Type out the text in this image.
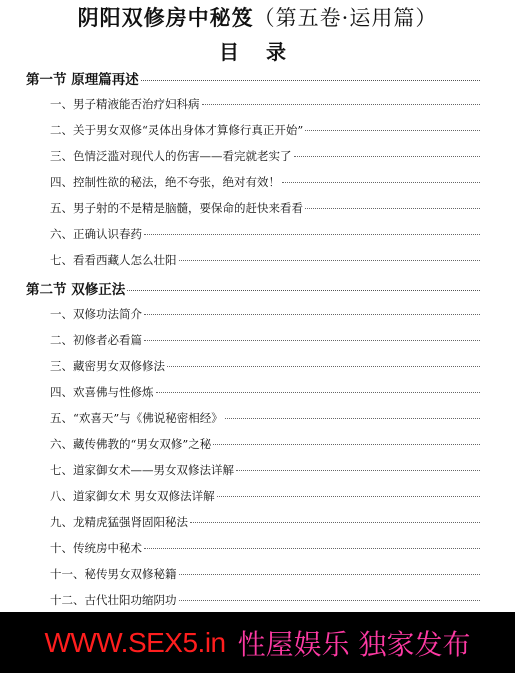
阴阳双修房中秘笈（第五卷·运用篇）
目 录
第一节 原理篇再述
一、男子精液能否治疗妇科病
二、关于男女双修“灵体出身体才算修行真正开始”
三、色情泛滥对现代人的伤害——看完就老实了
四、控制性欲的秘法，绝不夸张，绝对有效！
五、男子射的不是精是脑髓，要保命的赶快来看看
六、正确认识春药
七、看看西藏人怎么壮阳
第二节 双修正法
一、双修功法简介
二、初修者必看篇
三、藏密男女双修修法
四、欢喜佛与性修炼
五、“欢喜天”与《佛说秘密相经》
六、藏传佛教的“男女双修”之秘
七、道家御女术——男女双修法详解
八、道家御女术 男女双修法详解
九、龙精虎猛强肾固阳秘法
十、传统房中秘术
十一、秘传男女双修秘籍
十二、古代壮阳功缩阴功
WWW.SEX5.in 性屋娱乐 独家发布
